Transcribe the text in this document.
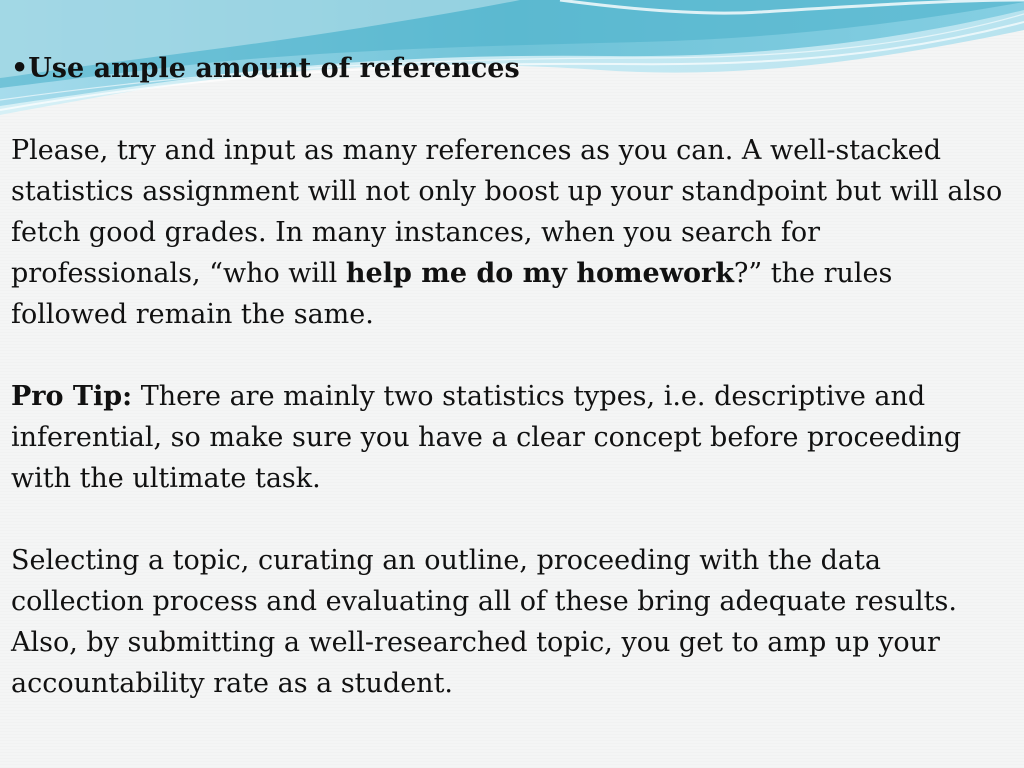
•Use ample amount of references

Please, try and input as many references as you can. A well-stacked statistics assignment will not only boost up your standpoint but will also fetch good grades. In many instances, when you search for professionals, “who will help me do my homework?” the rules followed remain the same.

Pro Tip: There are mainly two statistics types, i.e. descriptive and inferential, so make sure you have a clear concept before proceeding with the ultimate task.

Selecting a topic, curating an outline, proceeding with the data collection process and evaluating all of these bring adequate results. Also, by submitting a well-researched topic, you get to amp up your accountability rate as a student.
